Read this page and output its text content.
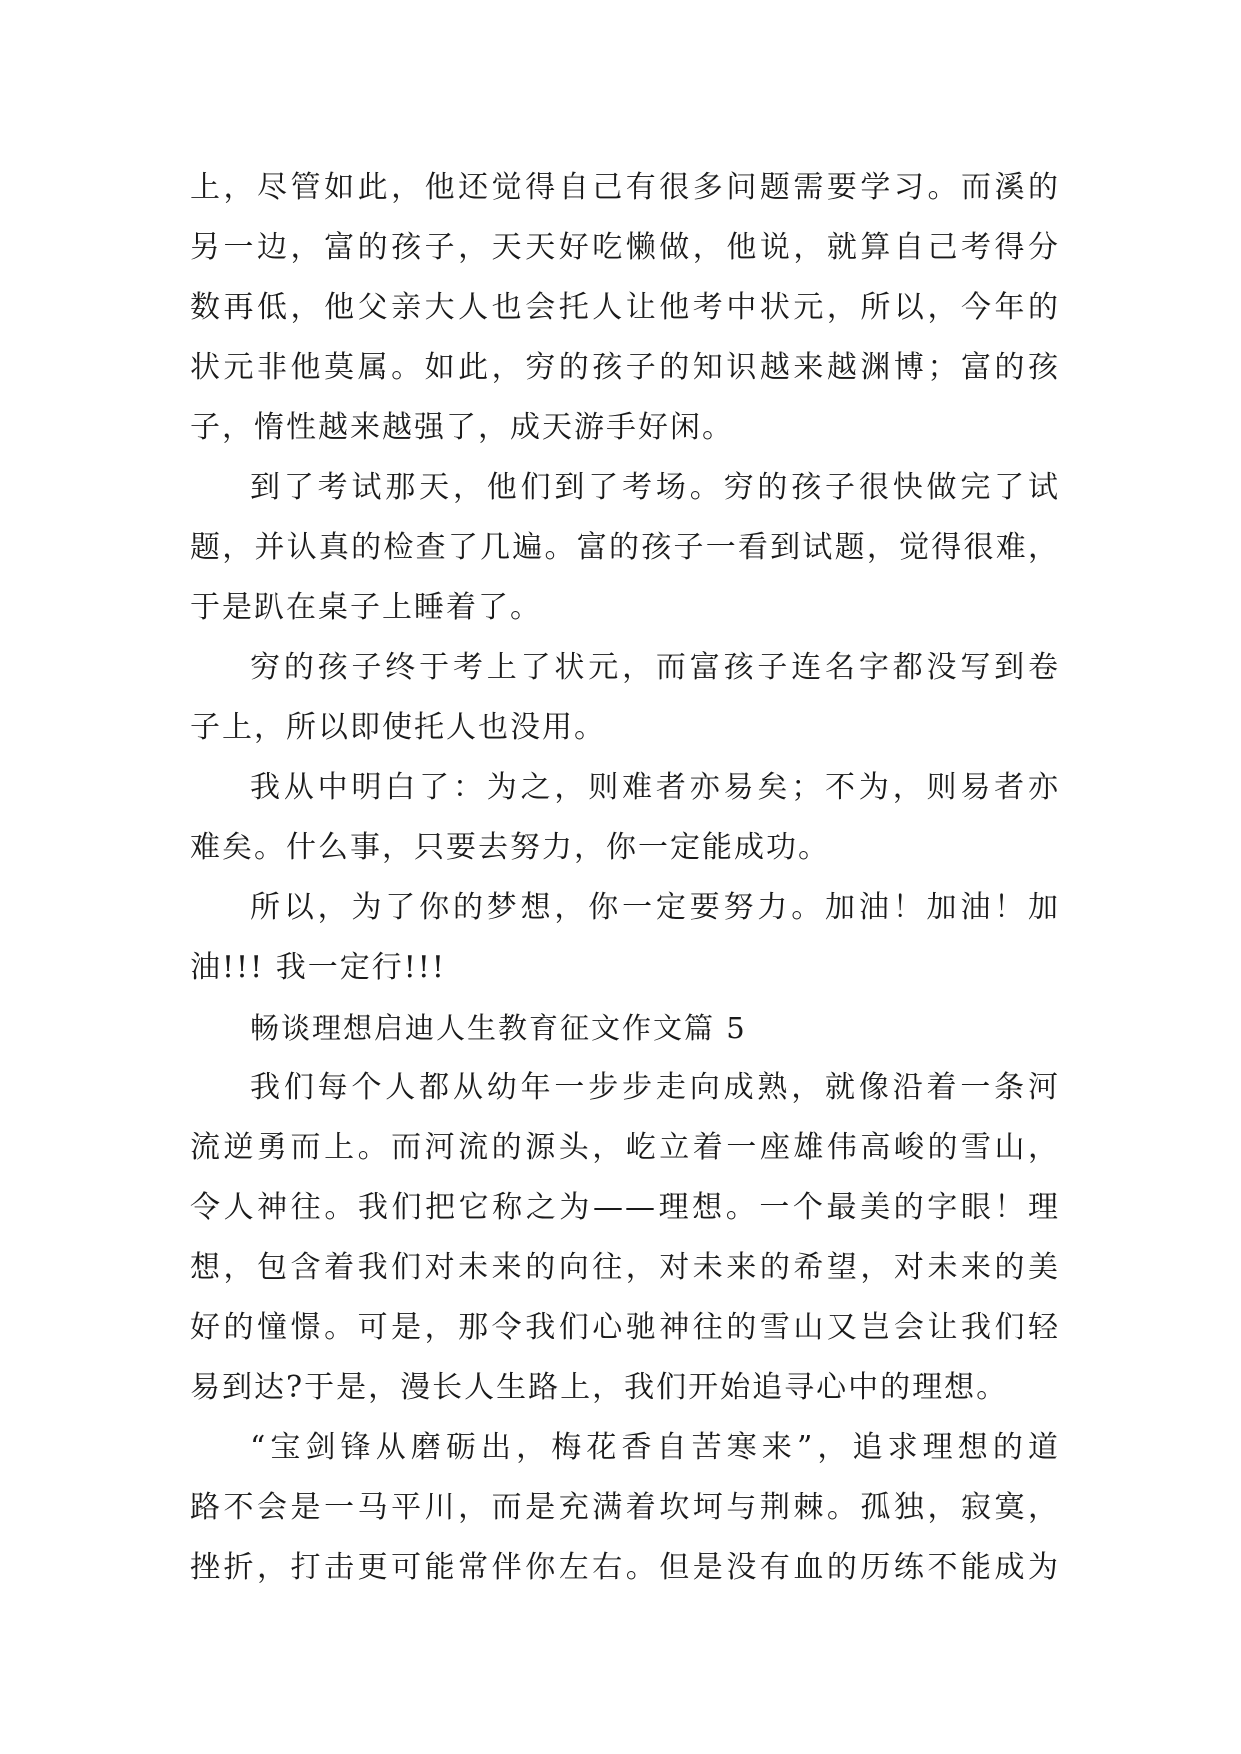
上，尽管如此，他还觉得自己有很多问题需要学习。而溪的
另一边，富的孩子，天天好吃懒做，他说，就算自己考得分
数再低，他父亲大人也会托人让他考中状元，所以，今年的
状元非他莫属。如此，穷的孩子的知识越来越渊博；富的孩
子，惰性越来越强了，成天游手好闲。
到了考试那天，他们到了考场。穷的孩子很快做完了试
题，并认真的检查了几遍。富的孩子一看到试题，觉得很难，
于是趴在桌子上睡着了。
穷的孩子终于考上了状元，而富孩子连名字都没写到卷
子上，所以即使托人也没用。
我从中明白了：为之，则难者亦易矣；不为，则易者亦
难矣。什么事，只要去努力，你一定能成功。
所以，为了你的梦想，你一定要努力。加油！加油！加
油!!! 我一定行!!!
畅谈理想启迪人生教育征文作文篇 5
我们每个人都从幼年一步步走向成熟，就像沿着一条河
流逆勇而上。而河流的源头，屹立着一座雄伟高峻的雪山，
令人神往。我们把它称之为——理想。一个最美的字眼！理
想，包含着我们对未来的向往，对未来的希望，对未来的美
好的憧憬。可是，那令我们心驰神往的雪山又岂会让我们轻
易到达?于是，漫长人生路上，我们开始追寻心中的理想。
“宝剑锋从磨砺出，梅花香自苦寒来”，追求理想的道
路不会是一马平川，而是充满着坎坷与荆棘。孤独，寂寞，
挫折，打击更可能常伴你左右。但是没有血的历练不能成为
